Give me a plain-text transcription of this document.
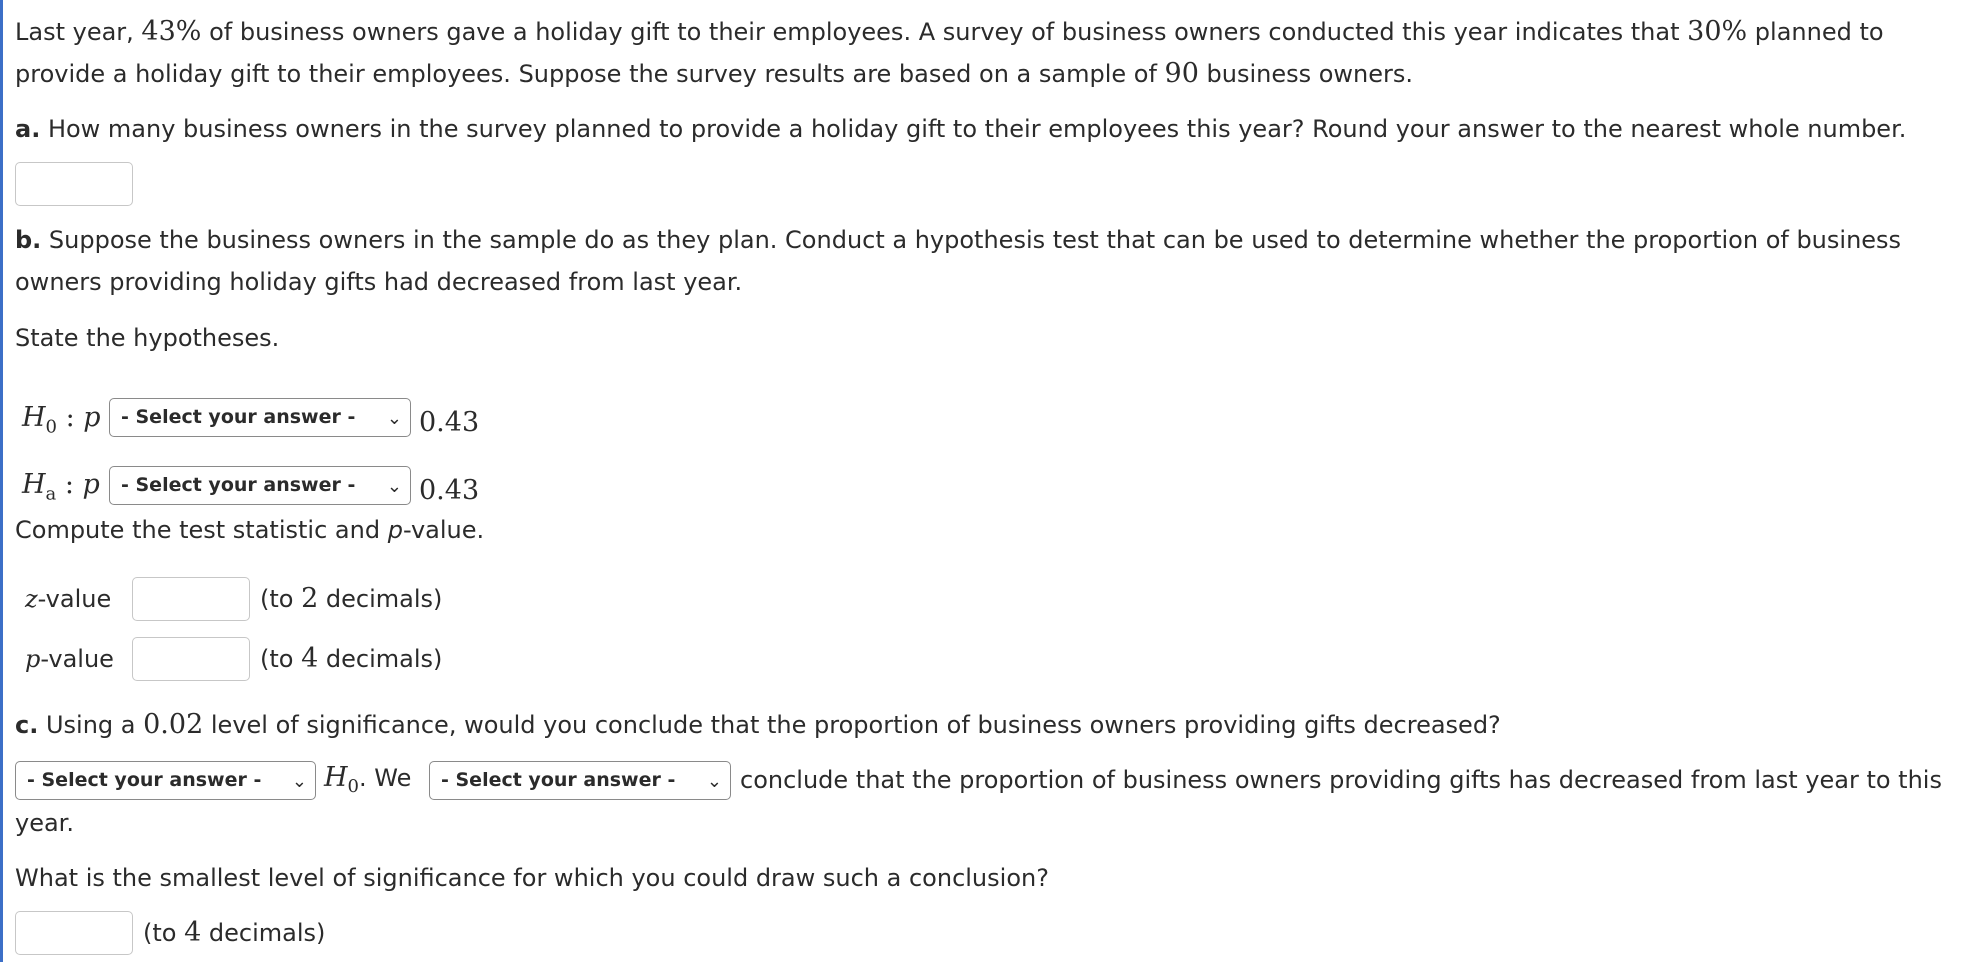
Last year, 43% of business owners gave a holiday gift to their employees. A survey of business owners conducted this year indicates that 30% planned to provide a holiday gift to their employees. Suppose the survey results are based on a sample of 90 business owners.
a. How many business owners in the survey planned to provide a holiday gift to their employees this year? Round your answer to the nearest whole number.
b. Suppose the business owners in the sample do as they plan. Conduct a hypothesis test that can be used to determine whether the proportion of business owners providing holiday gifts had decreased from last year.
State the hypotheses.
$H_0$ : p	- Select your answer - ⌄ 0.43
$H_a$ : p	- Select your answer - ⌄ 0.43
Compute the test statistic and p-value.
z-value	(to 2 decimals)
p-value	(to 4 decimals)
c. Using a 0.02 level of significance, would you conclude that the proportion of business owners providing gifts decreased?
- Select your answer - ⌄ $H_0$. We	- Select your answer - ⌄ conclude that the proportion of business owners providing gifts has decreased from last year to this
year.
What is the smallest level of significance for which you could draw such a conclusion?
(to 4 decimals)
